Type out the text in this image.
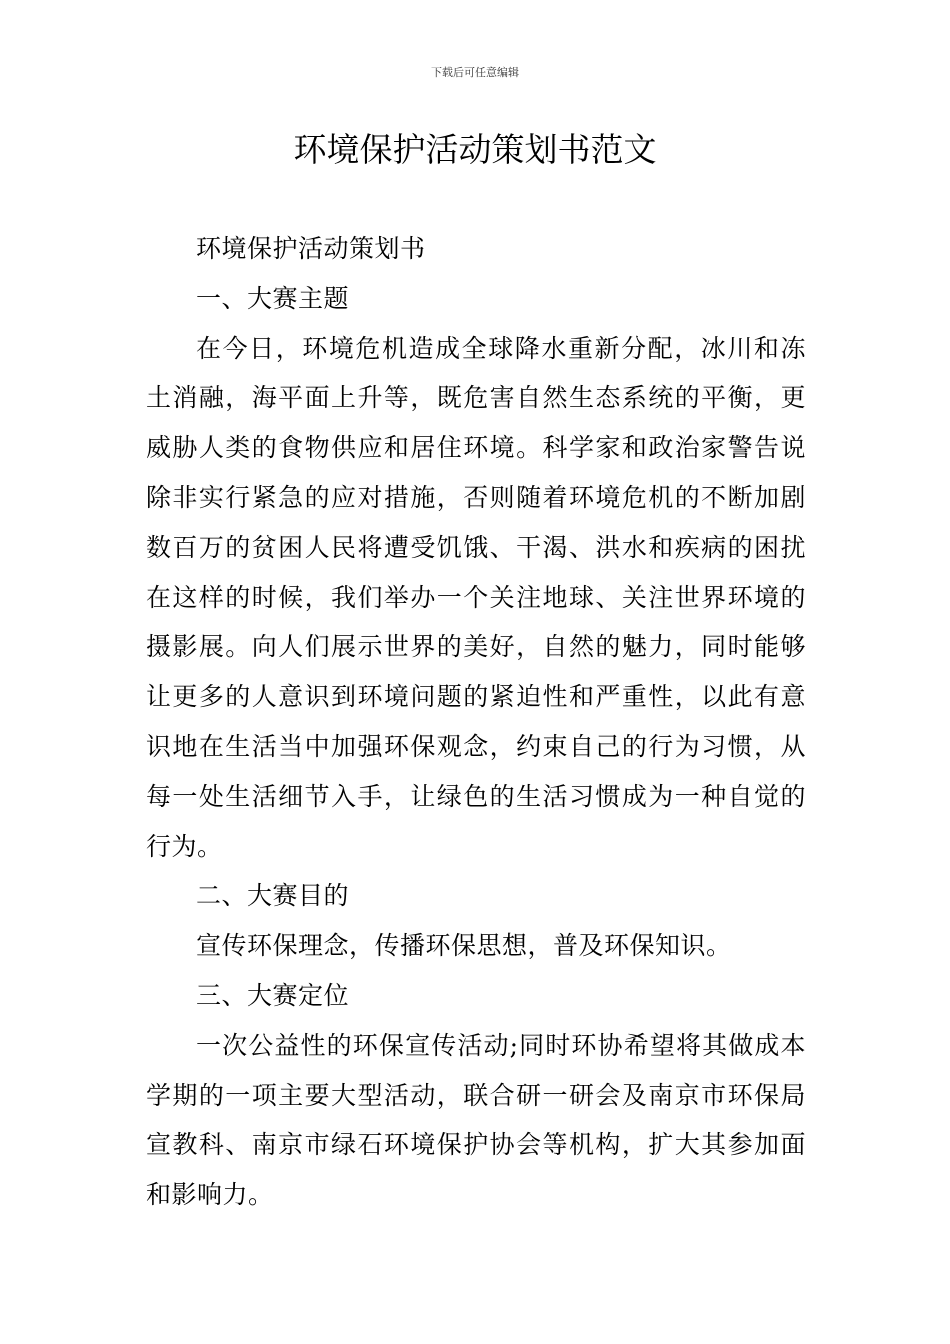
下载后可任意编辑
环境保护活动策划书范文

环境保护活动策划书

一、大赛主题

在今日，环境危机造成全球降水重新分配，冰川和冻土消融，海平面上升等，既危害自然生态系统的平衡，更威胁人类的食物供应和居住环境。科学家和政治家警告说除非实行紧急的应对措施，否则随着环境危机的不断加剧数百万的贫困人民将遭受饥饿、干渴、洪水和疾病的困扰在这样的时候，我们举办一个关注地球、关注世界环境的摄影展。向人们展示世界的美好，自然的魅力，同时能够让更多的人意识到环境问题的紧迫性和严重性，以此有意识地在生活当中加强环保观念，约束自己的行为习惯，从每一处生活细节入手，让绿色的生活习惯成为一种自觉的行为。

二、大赛目的

宣传环保理念，传播环保思想，普及环保知识。

三、大赛定位

一次公益性的环保宣传活动;同时环协希望将其做成本学期的一项主要大型活动，联合研一研会及南京市环保局宣教科、南京市绿石环境保护协会等机构，扩大其参加面和影响力。
